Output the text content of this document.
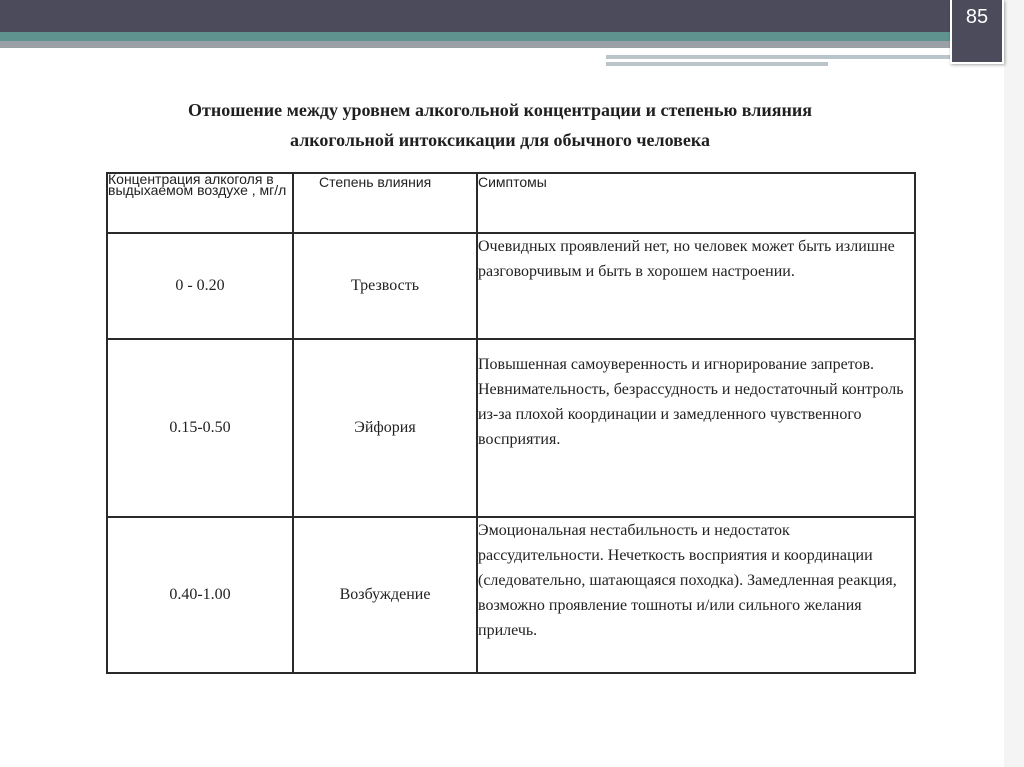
85
Отношение между уровнем алкогольной концентрации и степенью влияния
алкогольной интоксикации для обычного человека
Концентрация алкоголя в выдыхаемом воздухе , мг/л	Степень влияния	Симптомы
0 - 0.20	Трезвость	Очевидных проявлений нет, но человек может быть излишне разговорчивым и быть в хорошем настроении.
0.15-0.50	Эйфория	Повышенная самоуверенность и игнорирование запретов. Невнимательность, безрассудность и недостаточный контроль из-за плохой координации и замедленного чувственного восприятия.
0.40-1.00	Возбуждение	Эмоциональная нестабильность и недостаток рассудительности. Нечеткость восприятия и координации (следовательно, шатающаяся походка). Замедленная реакция, возможно проявление тошноты и/или сильного желания прилечь.
